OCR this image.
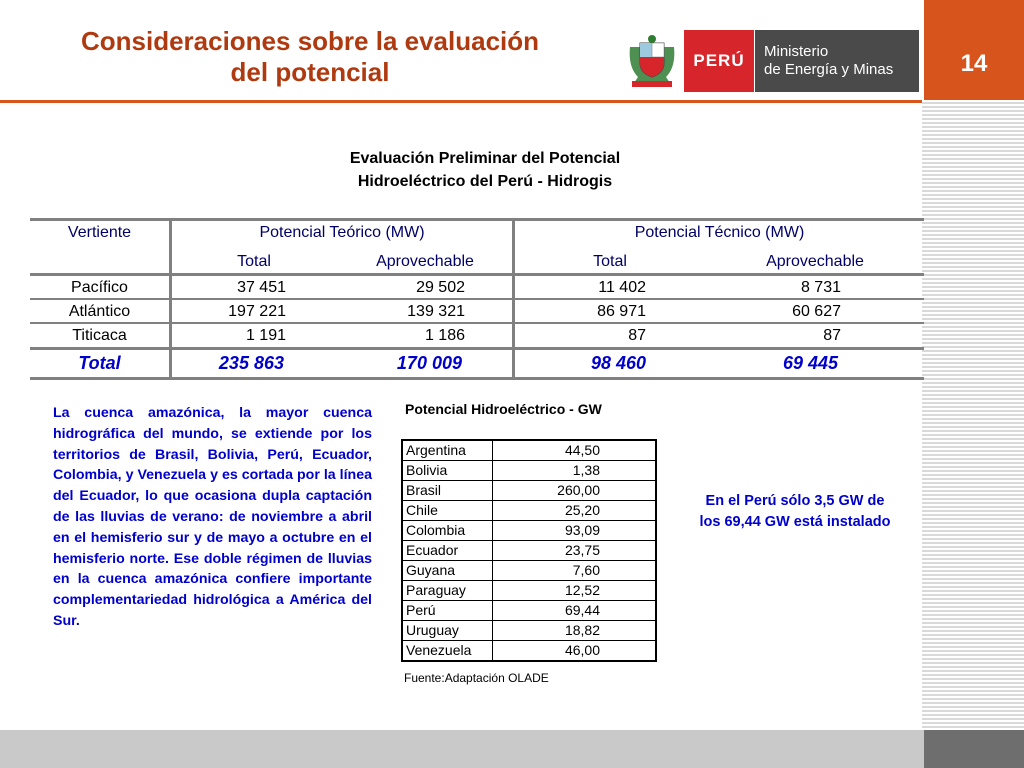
Consideraciones sobre la evaluación
del potencial	PERÚ Ministerio
de Energía y Minas	14
Evaluación Preliminar del Potencial
Hidroeléctrico del Perú - Hidrogis
Vertiente	Potencial Teórico (MW)	Potencial Técnico (MW)
Total	Aprovechable	Total	Aprovechable
Pacífico	37 451	29 502	11 402	8 731
Atlántico	197 221	139 321	86 971	60 627
Titicaca	1 191	1 186	87	87
Total	235 863	170 009	98 460	69 445
La cuenca amazónica, la mayor cuenca hidrográfica del mundo, se extiende por los territorios de Brasil, Bolivia, Perú, Ecuador, Colombia, y Venezuela y es cortada por la línea del Ecuador, lo que ocasiona dupla captación de las lluvias de verano: de noviembre a abril en el hemisferio sur y de mayo a octubre en el hemisferio norte. Ese doble régimen de lluvias en la cuenca amazónica confiere importante complementariedad hidrológica a América del Sur.
Potencial Hidroeléctrico - GW
Argentina	44,50
Bolivia	1,38
Brasil	260,00
Chile	25,20
Colombia	93,09
Ecuador	23,75
Guyana	7,60
Paraguay	12,52
Perú	69,44
Uruguay	18,82
Venezuela	46,00
Fuente:Adaptación OLADE
En el Perú sólo 3,5 GW de los 69,44 GW está instalado
